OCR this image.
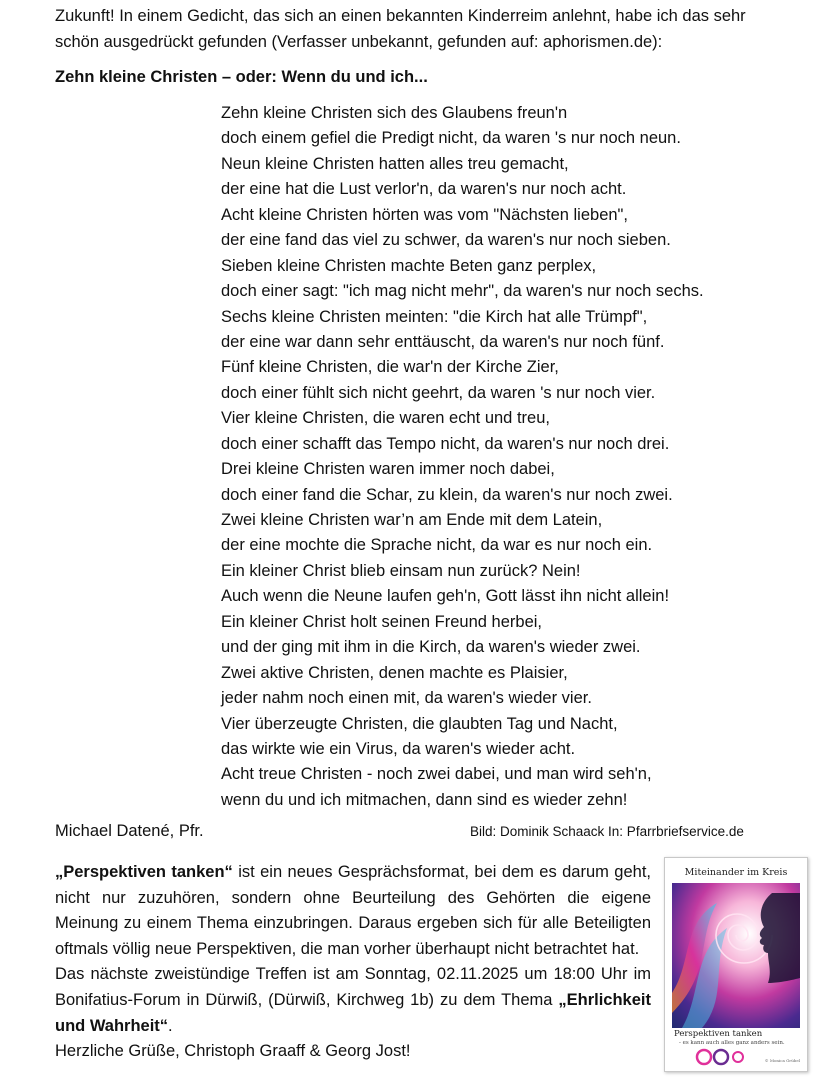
Zukunft! In einem Gedicht, das sich an einen bekannten Kinderreim anlehnt, habe ich das sehr schön ausgedrückt gefunden (Verfasser unbekannt, gefunden auf: aphorismen.de):
Zehn kleine Christen – oder: Wenn du und ich...
Zehn kleine Christen sich des Glaubens freun'n
doch einem gefiel die Predigt nicht, da waren 's nur noch neun.
Neun kleine Christen hatten alles treu gemacht,
der eine hat die Lust verlor'n, da waren's nur noch acht.
Acht kleine Christen hörten was vom "Nächsten lieben",
der eine fand das viel zu schwer, da waren's nur noch sieben.
Sieben kleine Christen machte Beten ganz perplex,
doch einer sagt: "ich mag nicht mehr", da waren's nur noch sechs.
Sechs kleine Christen meinten: "die Kirch hat alle Trümpf",
der eine war dann sehr enttäuscht, da waren's nur noch fünf.
Fünf kleine Christen, die war'n der Kirche Zier,
doch einer fühlt sich nicht geehrt, da waren 's nur noch vier.
Vier kleine Christen, die waren echt und treu,
doch einer schafft das Tempo nicht, da waren's nur noch drei.
Drei kleine Christen waren immer noch dabei,
doch einer fand die Schar, zu klein, da waren's nur noch zwei.
Zwei kleine Christen war’n am Ende mit dem Latein,
der eine mochte die Sprache nicht, da war es nur noch ein.
Ein kleiner Christ blieb einsam nun zurück? Nein!
Auch wenn die Neune laufen geh'n, Gott lässt ihn nicht allein!
Ein kleiner Christ holt seinen Freund herbei,
und der ging mit ihm in die Kirch, da waren's wieder zwei.
Zwei aktive Christen, denen machte es Plaisier,
jeder nahm noch einen mit, da waren's wieder vier.
Vier überzeugte Christen, die glaubten Tag und Nacht,
das wirkte wie ein Virus, da waren's wieder acht.
Acht treue Christen - noch zwei dabei, und man wird seh'n,
wenn du und ich mitmachen, dann sind es wieder zehn!
Michael Datené, Pfr.	Bild: Dominik Schaack In: Pfarrbriefservice.de

„Perspektiven tanken“ ist ein neues Gesprächsformat, bei dem es darum geht, nicht nur zuzuhören, sondern ohne Beurteilung des Gehörten die eigene Meinung zu einem Thema einzubringen. Daraus ergeben sich für alle Beteiligten oftmals völlig neue Perspektiven, die man vorher überhaupt nicht betrachtet hat.

Das nächste zweistündige Treffen ist am Sonntag, 02.11.2025 um 18:00 Uhr im Bonifatius-Forum in Dürwiß, (Dürwiß, Kirchweg 1b) zu dem Thema „Ehrlichkeit und Wahrheit“.

Herzliche Grüße, Christoph Graaff & Georg Jost!

Miteinander im Kreis
Perspektiven tanken
- es kann auch alles ganz anders sein.
© Monica Grübel
